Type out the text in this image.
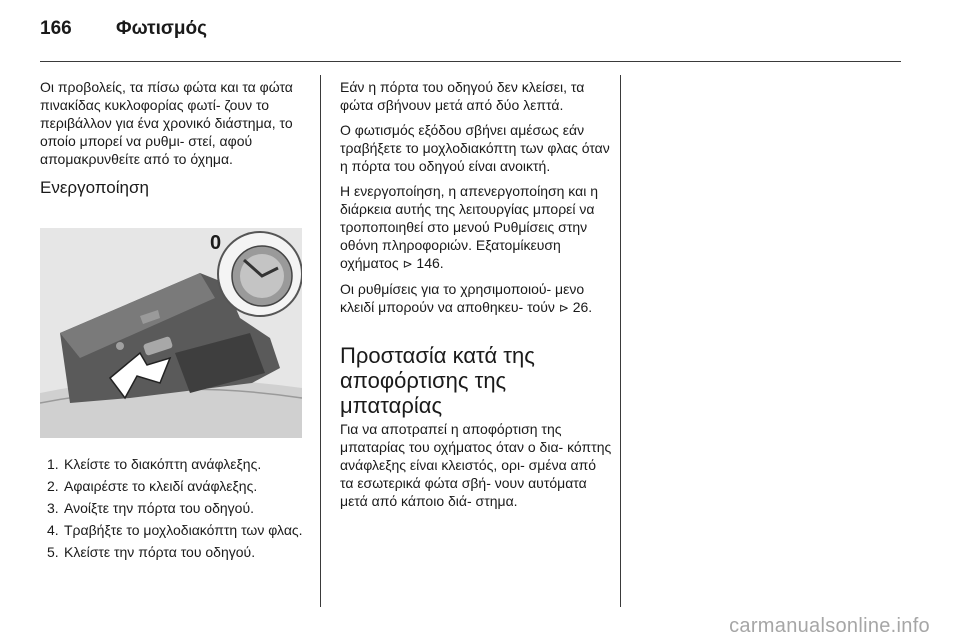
166 Φωτισμός

Οι προβολείς, τα πίσω φώτα και τα φώτα πινακίδας κυκλοφορίας φωτί- ζουν το περιβάλλον για ένα χρονικό διάστημα, το οποίο μπορεί να ρυθμι- στεί, αφού απομακρυνθείτε από το όχημα.

Ενεργοποίηση
0
1. Κλείστε το διακόπτη ανάφλεξης.
2. Αφαιρέστε το κλειδί ανάφλεξης.
3. Ανοίξτε την πόρτα του οδηγού.
4. Τραβήξτε το μοχλοδιακόπτη των φλας.
5. Κλείστε την πόρτα του οδηγού.

Εάν η πόρτα του οδηγού δεν κλείσει, τα φώτα σβήνουν μετά από δύο λεπτά.

Ο φωτισμός εξόδου σβήνει αμέσως εάν τραβήξετε το μοχλοδιακόπτη των φλας όταν η πόρτα του οδηγού είναι ανοικτή.

Η ενεργοποίηση, η απενεργοποίηση και η διάρκεια αυτής της λειτουργίας μπορεί να τροποποιηθεί στο μενού Ρυθμίσεις στην οθόνη πληροφοριών. Εξατομίκευση οχήματος ⊳ 146.

Οι ρυθμίσεις για το χρησιμοποιού- μενο κλειδί μπορούν να αποθηκευ- τούν ⊳ 26.

Προστασία κατά της αποφόρτισης της μπαταρίας

Για να αποτραπεί η αποφόρτιση της μπαταρίας του οχήματος όταν ο δια- κόπτης ανάφλεξης είναι κλειστός, ορι- σμένα από τα εσωτερικά φώτα σβή- νουν αυτόματα μετά από κάποιο διά- στημα.

carmanualsonline.info
